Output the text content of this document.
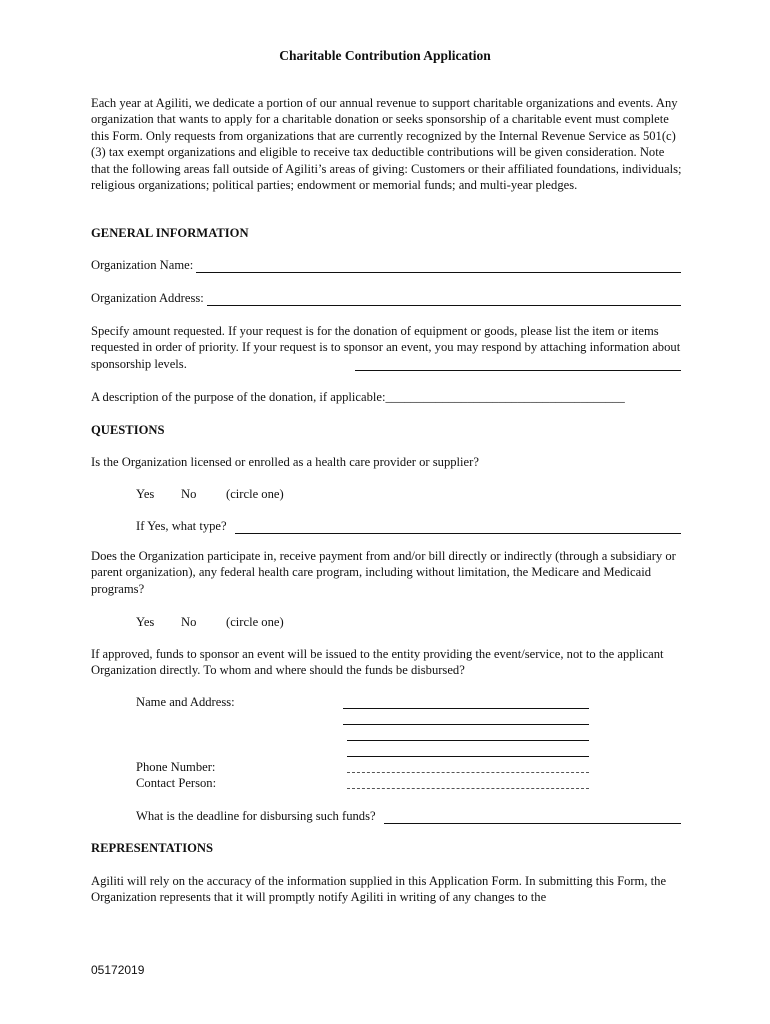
Charitable Contribution Application
Each year at Agiliti, we dedicate a portion of our annual revenue to support charitable organizations and events. Any organization that wants to apply for a charitable donation or seeks sponsorship of a charitable event must complete this Form. Only requests from organizations that are currently recognized by the Internal Revenue Service as 501(c)(3) tax exempt organizations and eligible to receive tax deductible contributions will be given consideration. Note that the following areas fall outside of Agiliti’s areas of giving: Customers or their affiliated foundations, individuals; religious organizations; political parties; endowment or memorial funds; and multi-year pledges.
GENERAL INFORMATION
Organization Name:
Organization Address:
Specify amount requested. If your request is for the donation of equipment or goods, please list the item or items requested in order of priority. If your request is to sponsor an event, you may respond by attaching information about sponsorship levels.
A description of the purpose of the donation, if applicable: ______________________________________
QUESTIONS
Is the Organization licensed or enrolled as a health care provider or supplier?
Yes No (circle one)
If Yes, what type?
Does the Organization participate in, receive payment from and/or bill directly or indirectly (through a subsidiary or parent organization), any federal health care program, including without limitation, the Medicare and Medicaid programs?
Yes No (circle one)
If approved, funds to sponsor an event will be issued to the entity providing the event/service, not to the applicant Organization directly. To whom and where should the funds be disbursed?
Name and Address:
Phone Number:
Contact Person:
What is the deadline for disbursing such funds?
REPRESENTATIONS
Agiliti will rely on the accuracy of the information supplied in this Application Form. In submitting this Form, the Organization represents that it will promptly notify Agiliti in writing of any changes to the
05172019
